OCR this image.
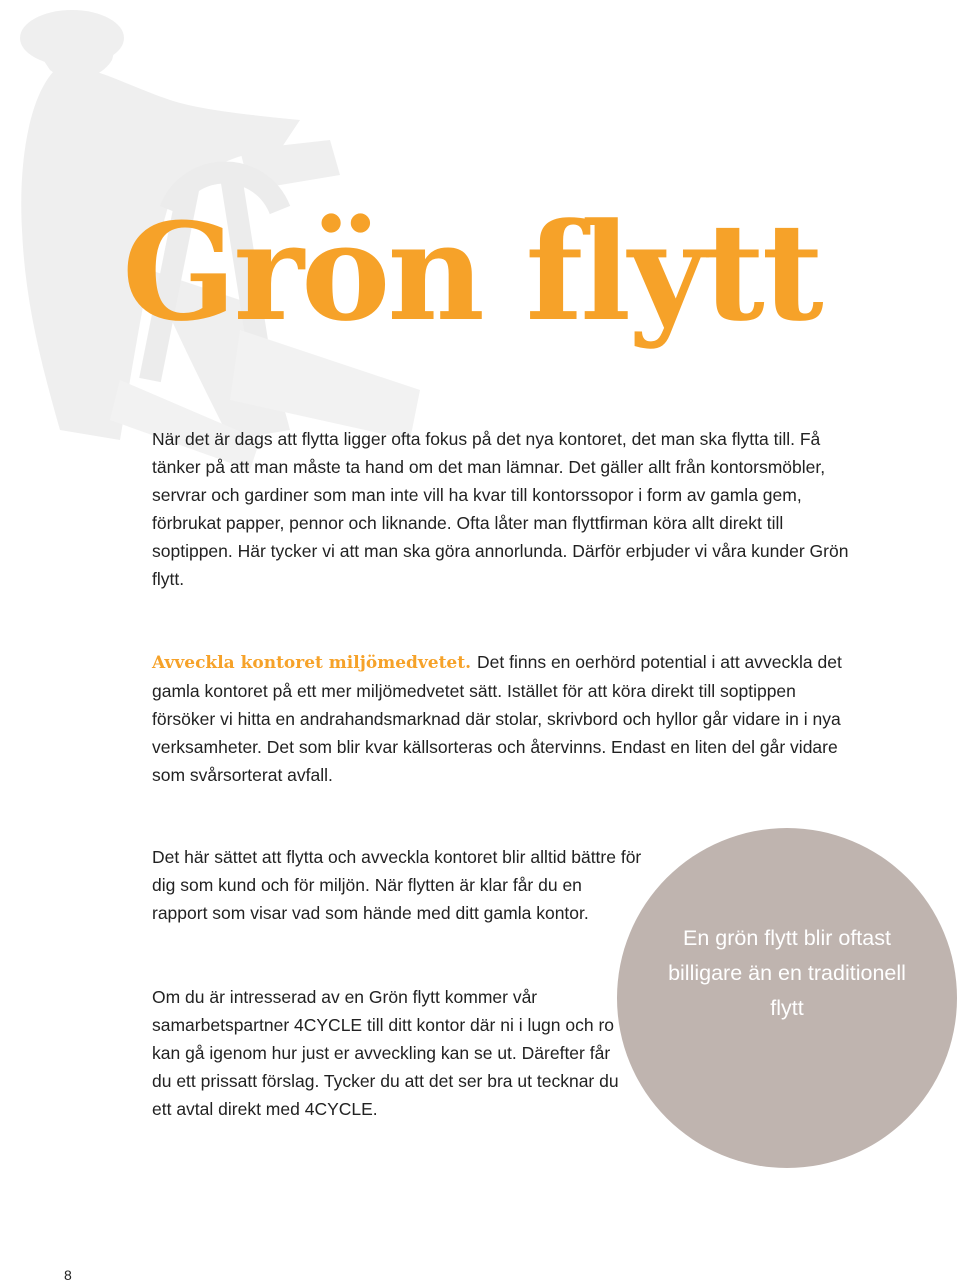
Grön flytt

När det är dags att flytta ligger ofta fokus på det nya kontoret, det man ska flytta till. Få tänker på att man måste ta hand om det man lämnar. Det gäller allt från kontorsmöbler, servrar och gardiner som man inte vill ha kvar till kontorssopor i form av gamla gem, förbrukat papper, pennor och liknande. Ofta låter man flyttfirman köra allt direkt till soptippen. Här tycker vi att man ska göra annorlunda. Därför erbjuder vi våra kunder Grön flytt.

Avveckla kontoret miljömedvetet. Det finns en oerhörd potential i att avveckla det gamla kontoret på ett mer miljömedvetet sätt. Istället för att köra direkt till soptippen försöker vi hitta en andrahandsmarknad där stolar, skrivbord och hyllor går vidare in i nya verksamheter. Det som blir kvar källsorteras och återvinns. Endast en liten del går vidare som svårsorterat avfall.

Det här sättet att flytta och avveckla kontoret blir alltid bättre för dig som kund och för miljön. När flytten är klar får du en rapport som visar vad som hände med ditt gamla kontor.

Om du är intresserad av en Grön flytt kommer vår samarbetspartner 4CYCLE till ditt kontor där ni i lugn och ro kan gå igenom hur just er avveckling kan se ut. Därefter får du ett prissatt förslag. Tycker du att det ser bra ut tecknar du ett avtal direkt med 4CYCLE.

En grön flytt blir oftast billigare än en traditionell flytt

8
